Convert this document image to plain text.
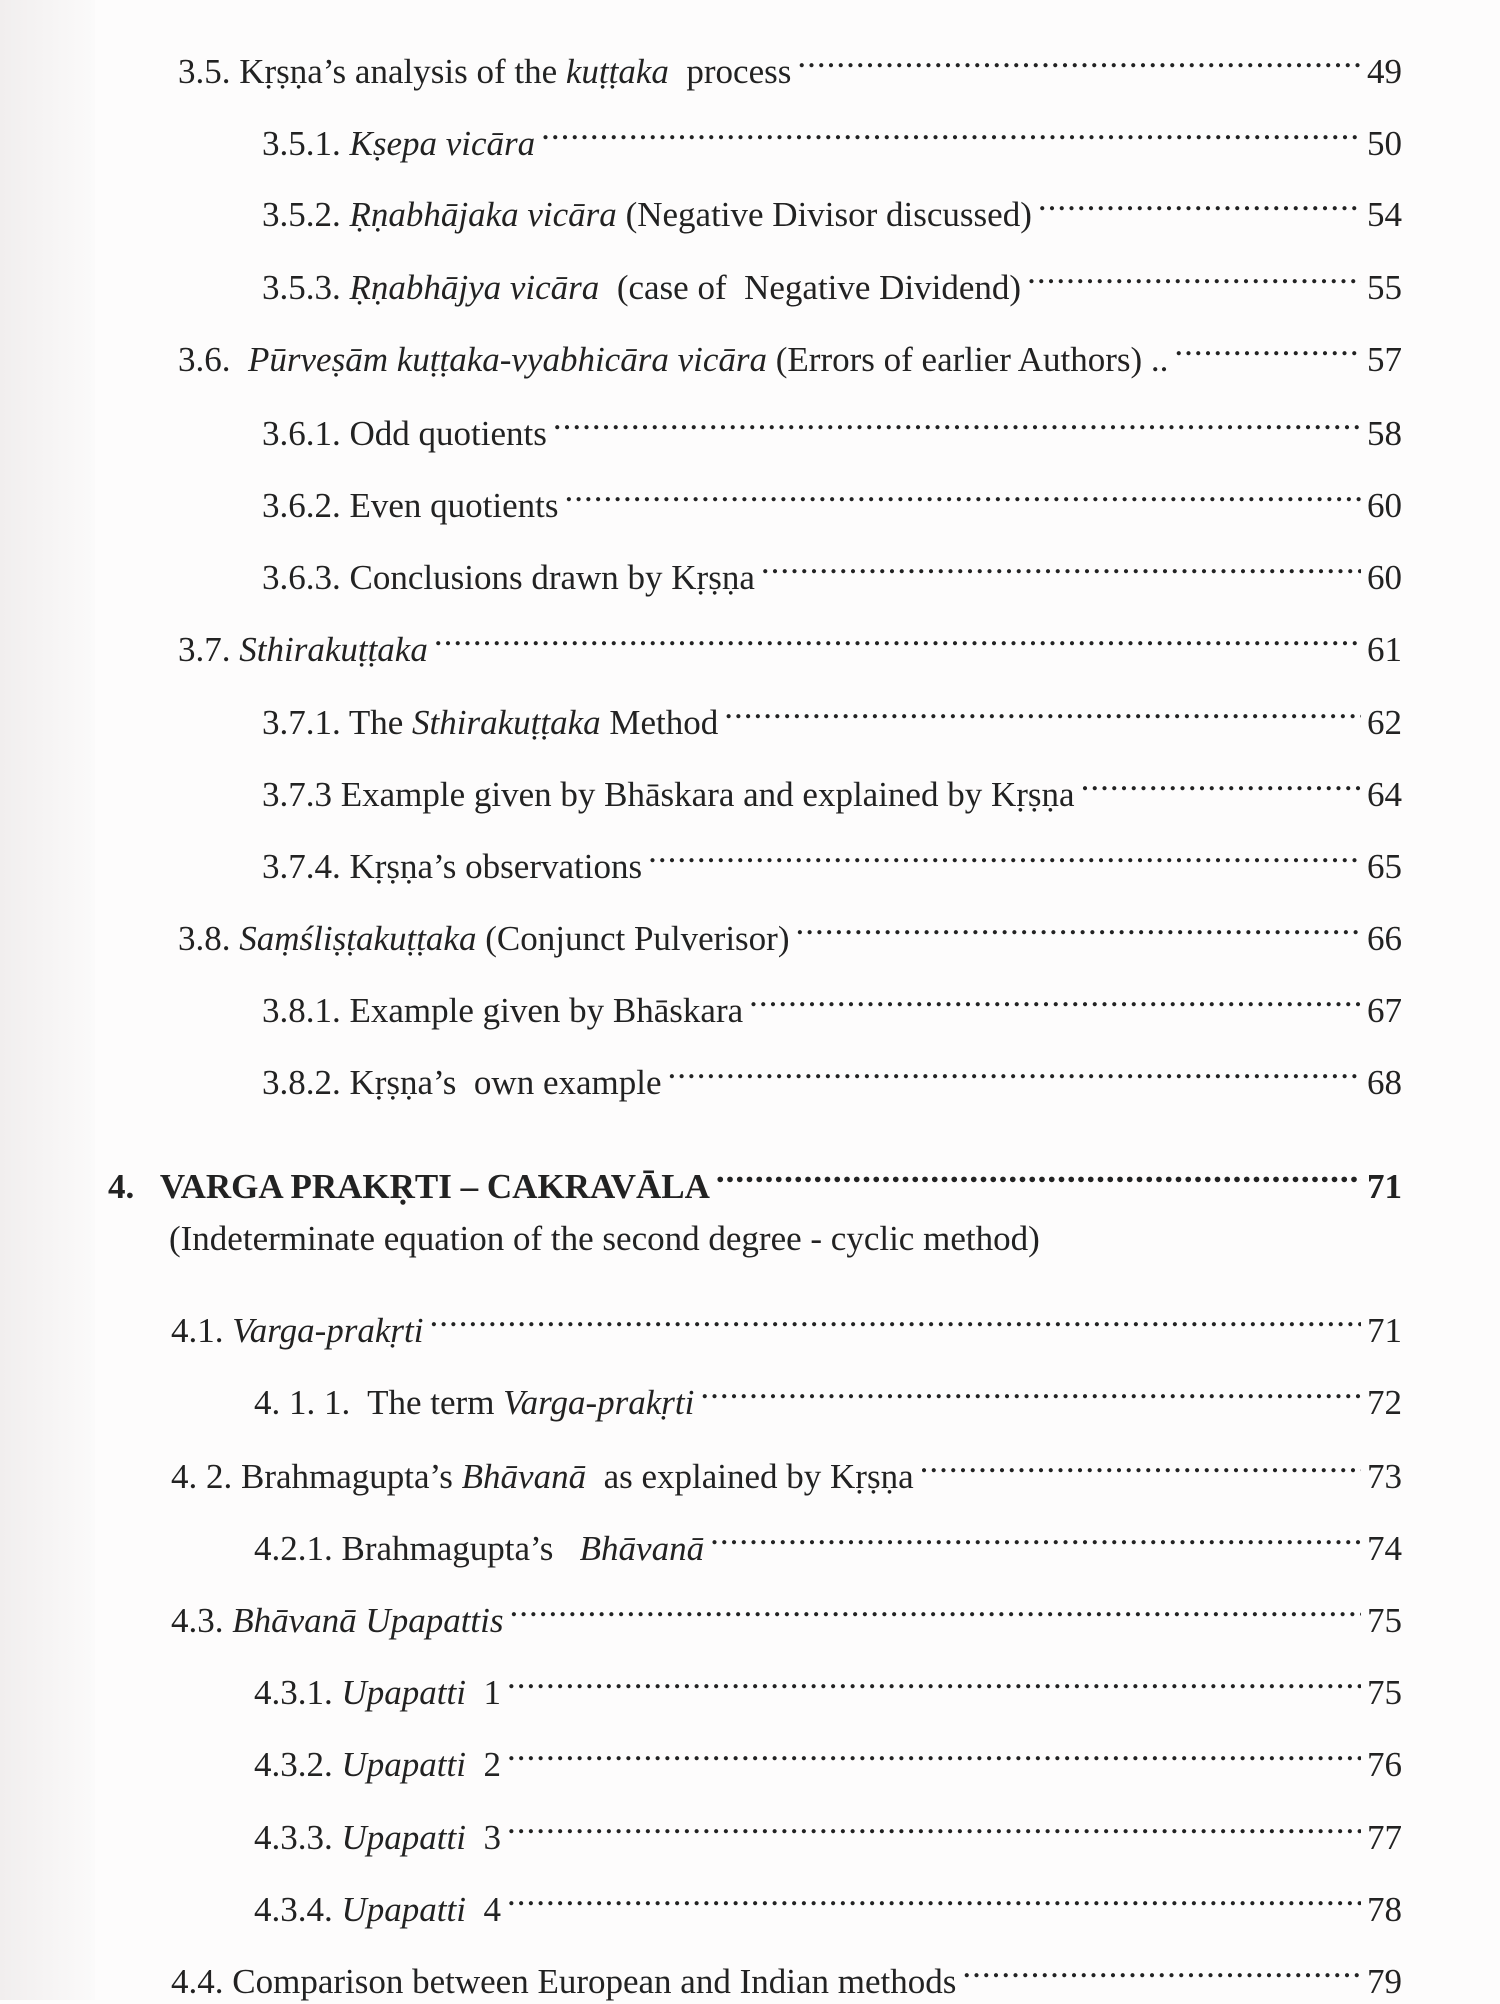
3.5. Kṛṣṇa’s analysis of the kuṭṭaka  process .....	49
3.5.1. Kṣepa vicāra .....	50
3.5.2. Ṛṇabhājaka vicāra (Negative Divisor discussed) .....	54
3.5.3. Ṛṇabhājya vicāra  (case of  Negative Dividend) .....	55
3.6. Pūrveṣām kuṭṭaka-vyabhicāra vicāra (Errors of earlier Authors) .. .....	57
3.6.1. Odd quotients .....	58
3.6.2. Even quotients .....	60
3.6.3. Conclusions drawn by Kṛṣṇa .....	60
3.7. Sthirakuṭṭaka .....	61
3.7.1. The Sthirakuṭṭaka Method .....	62
3.7.3 Example given by Bhāskara and explained by Kṛṣṇa .....	64
3.7.4. Kṛṣṇa’s observations .....	65
3.8. Saṃśliṣṭakuṭṭaka (Conjunct Pulverisor) .....	66
3.8.1. Example given by Bhāskara .....	67
3.8.2. Kṛṣṇa’s  own example .....	68
4.   VARGA PRAKṚTI – CAKRAVĀLA .....	71
4.1. Varga-prakṛti .....	71
4. 1. 1.  The term Varga-prakṛti .....	72
4. 2. Brahmagupta’s Bhāvanā  as explained by Kṛṣṇa .....	73
4.2.1. Brahmagupta’s   Bhāvanā .....	74
4.3. Bhāvanā Upapattis .....	75
4.3.1. Upapatti  1 .....	75
4.3.2. Upapatti  2 .....	76
4.3.3. Upapatti  3 .....	77
4.3.4. Upapatti  4 .....	78
4.4. Comparison between European and Indian methods .....	79
(Indeterminate equation of the second degree - cyclic method)
